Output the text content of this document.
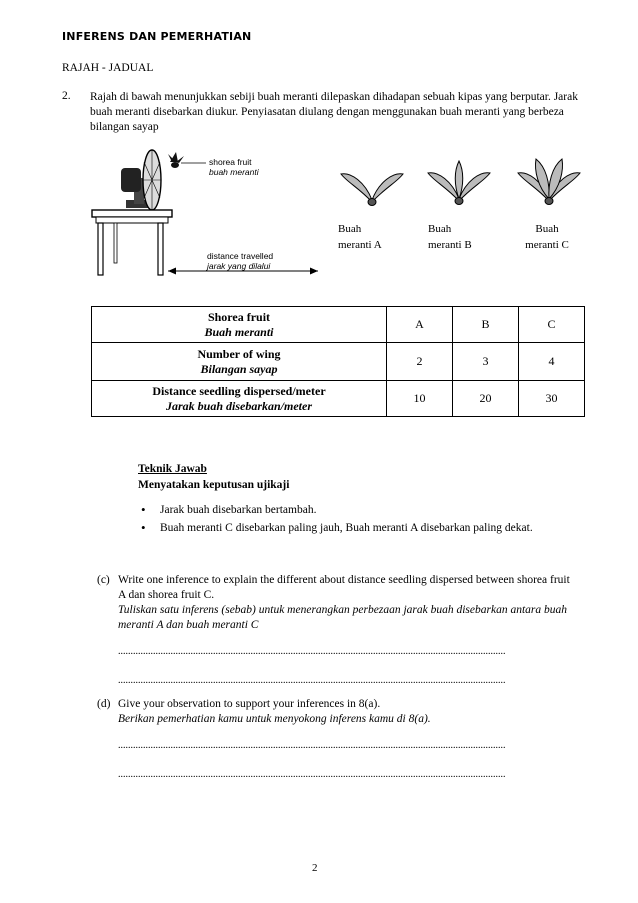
INFERENS DAN PEMERHATIAN
RAJAH - JADUAL
2. Rajah di bawah menunjukkan sebiji buah meranti dilepaskan dihadapan sebuah kipas yang berputar. Jarak buah meranti disebarkan diukur. Penyiasatan diulang dengan menggunakan buah meranti yang berbeza bilangan sayap
shorea fruit
buah meranti
distance travelled
jarak yang dilalui
Buah
meranti A
Buah
meranti B
Buah
meranti C
Shorea fruit
Buah meranti	A	B	C

Number of wing
Bilangan sayap	2	3	4

Distance seedling dispersed/meter
Jarak buah disebarkan/meter	10	20	30
Teknik Jawab
Menyatakan keputusan ujikaji
• Jarak buah disebarkan bertambah.
• Buah meranti C disebarkan paling jauh, Buah meranti A disebarkan paling dekat.
(c) Write one inference to explain the different about distance seedling dispersed between shorea fruit A dan shorea fruit C.
Tuliskan satu inferens (sebab) untuk menerangkan perbezaan jarak buah disebarkan antara buah meranti A dan buah meranti C
...........................................................................................................................................................
...........................................................................................................................................................
(d) Give your observation to support your inferences in 8(a).
Berikan pemerhatian kamu untuk menyokong inferens kamu di 8(a).
...........................................................................................................................................................
...........................................................................................................................................................
2
